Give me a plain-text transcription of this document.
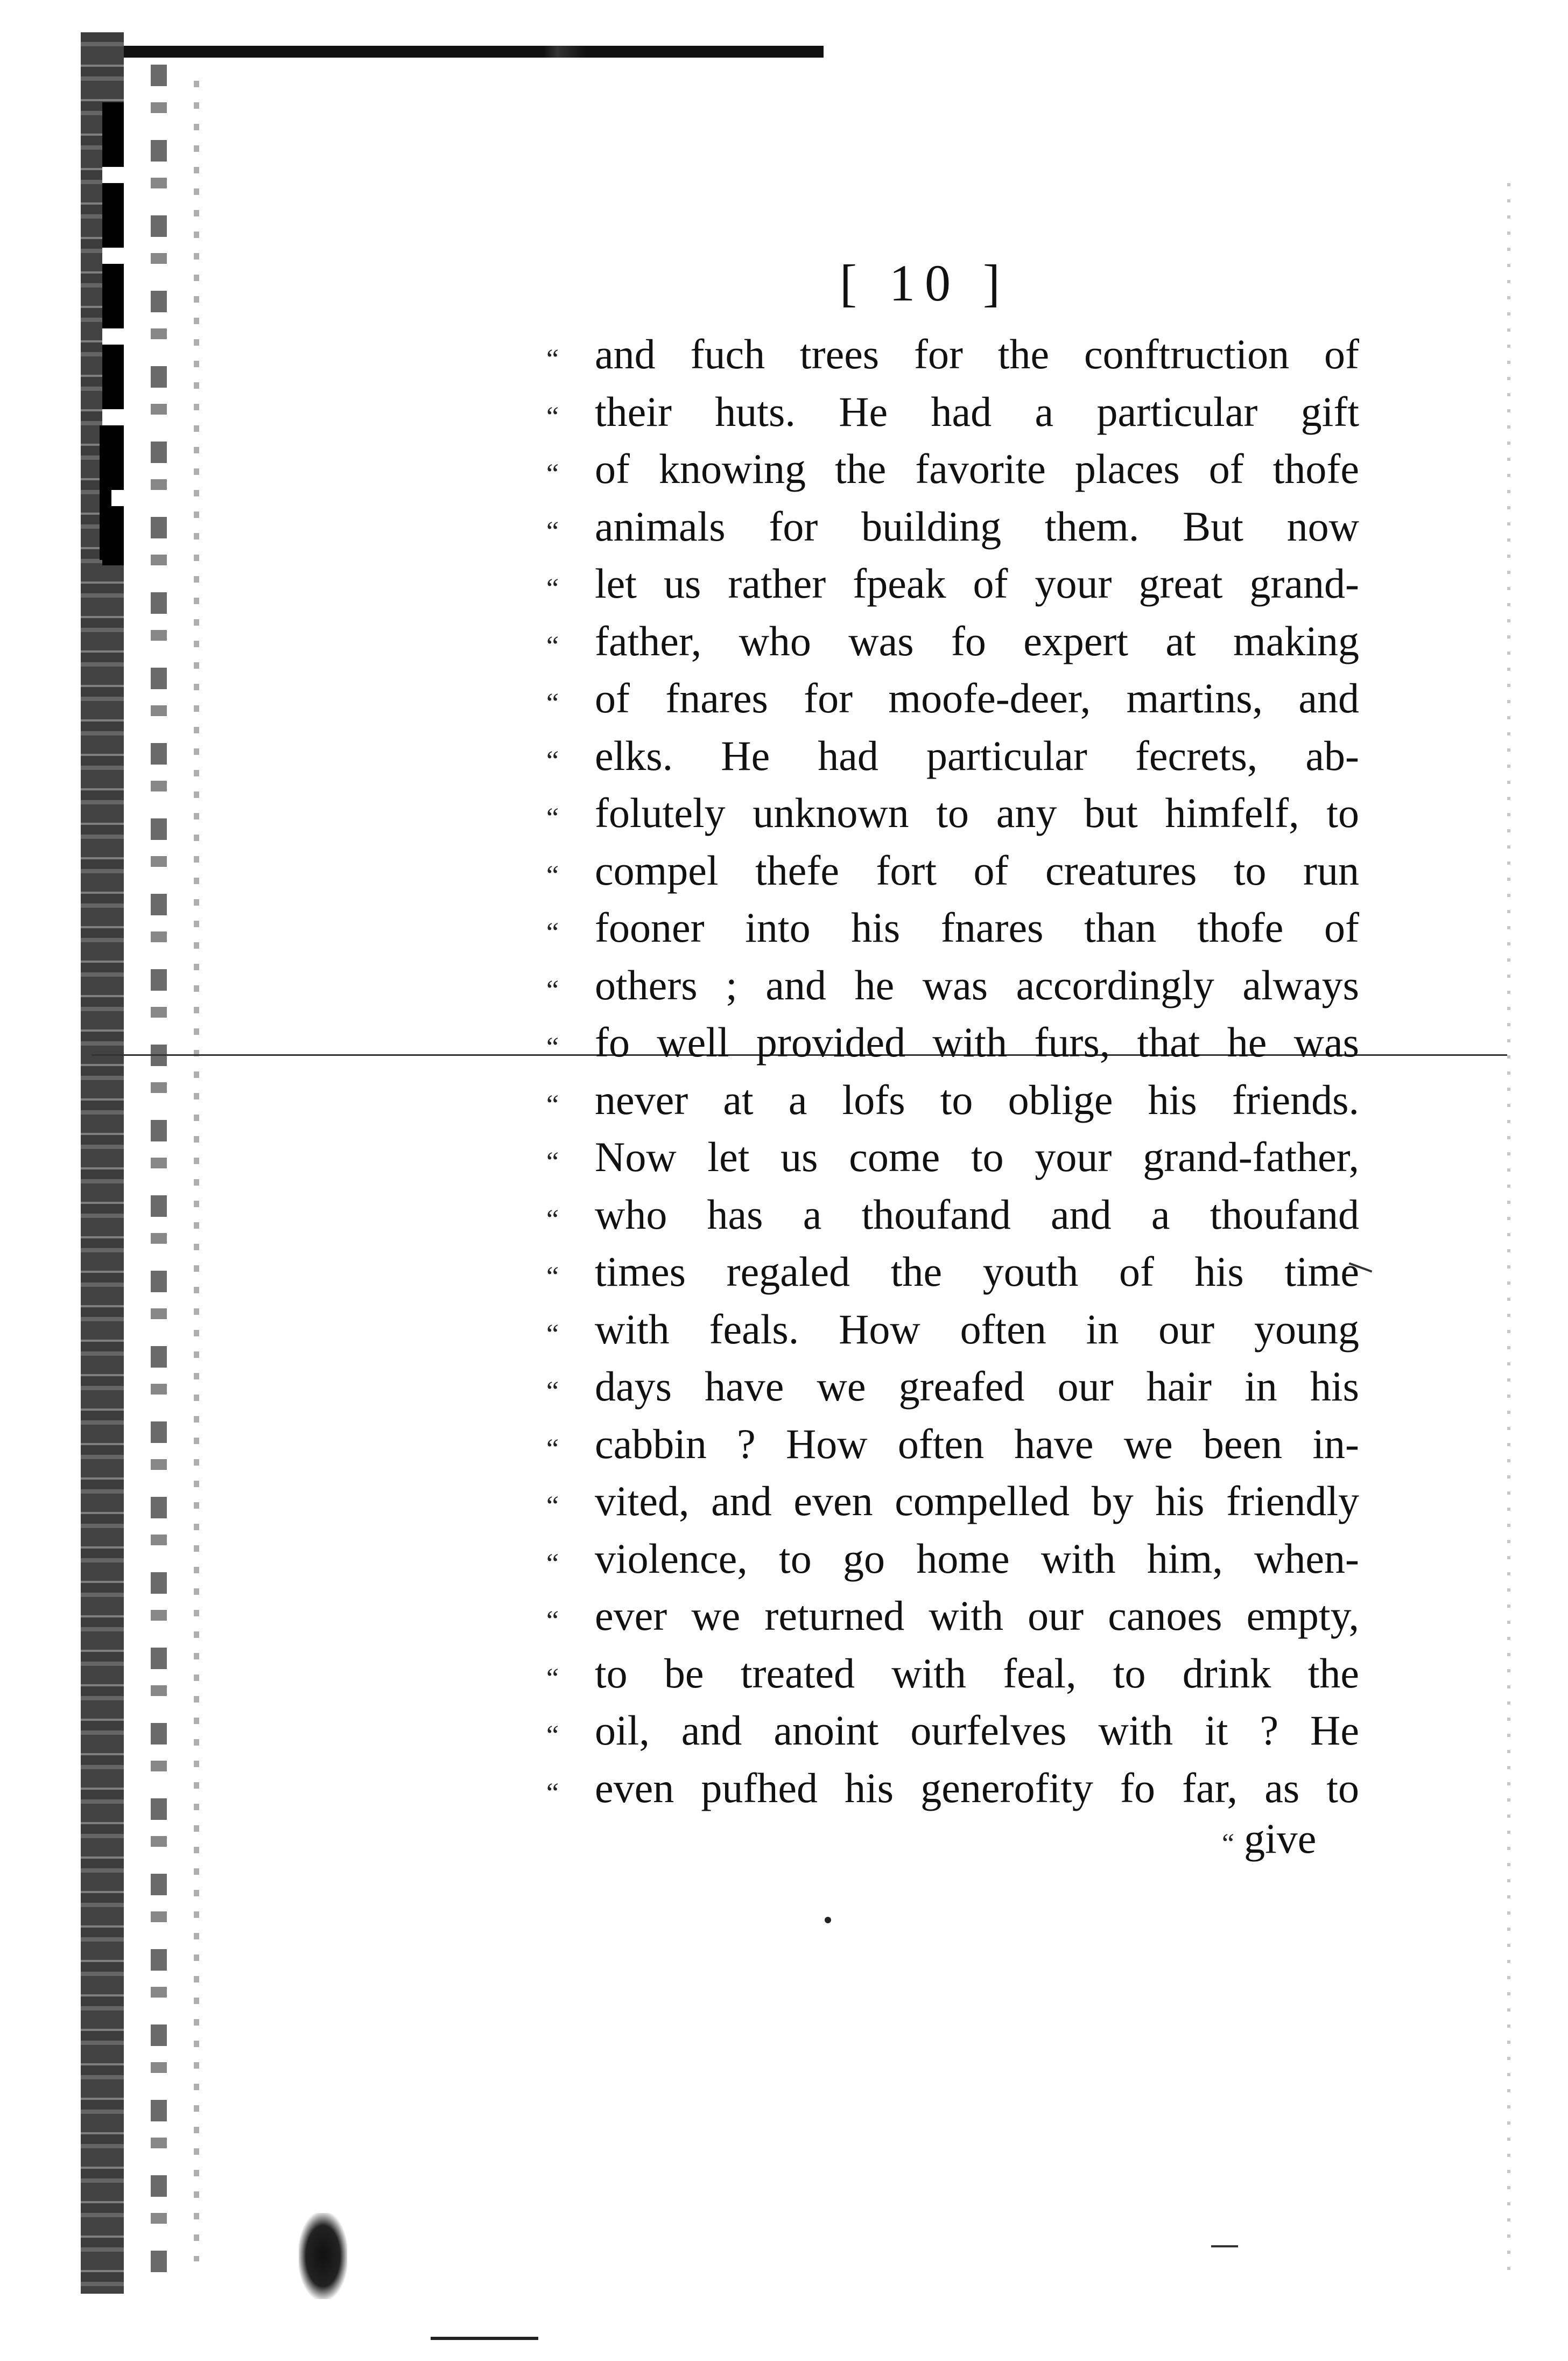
[ 10 ]
“ and fuch trees for the conftruction of
“ their huts. He had a particular gift
“ of knowing the favorite places of thofe
“ animals for building them. But now
“ let us rather fpeak of your great grand-
“ father, who was fo expert at making
“ of fnares for moofe-deer, martins, and
“ elks. He had particular fecrets, ab-
“ folutely unknown to any but himfelf, to
“ compel thefe fort of creatures to run
“ fooner into his fnares than thofe of
“ others ; and he was accordingly always
“ fo well provided with furs, that he was
“ never at a lofs to oblige his friends.
“ Now let us come to your grand-father,
“ who has a thoufand and a thoufand
“ times regaled the youth of his time
“ with feals. How often in our young
“ days have we greafed our hair in his
“ cabbin ? How often have we been in-
“ vited, and even compelled by his friendly
“ violence, to go home with him, when-
“ ever we returned with our canoes empty,
“ to be treated with feal, to drink the
“ oil, and anoint ourfelves with it ? He
“ even pufhed his generofity fo far, as to
“ give
